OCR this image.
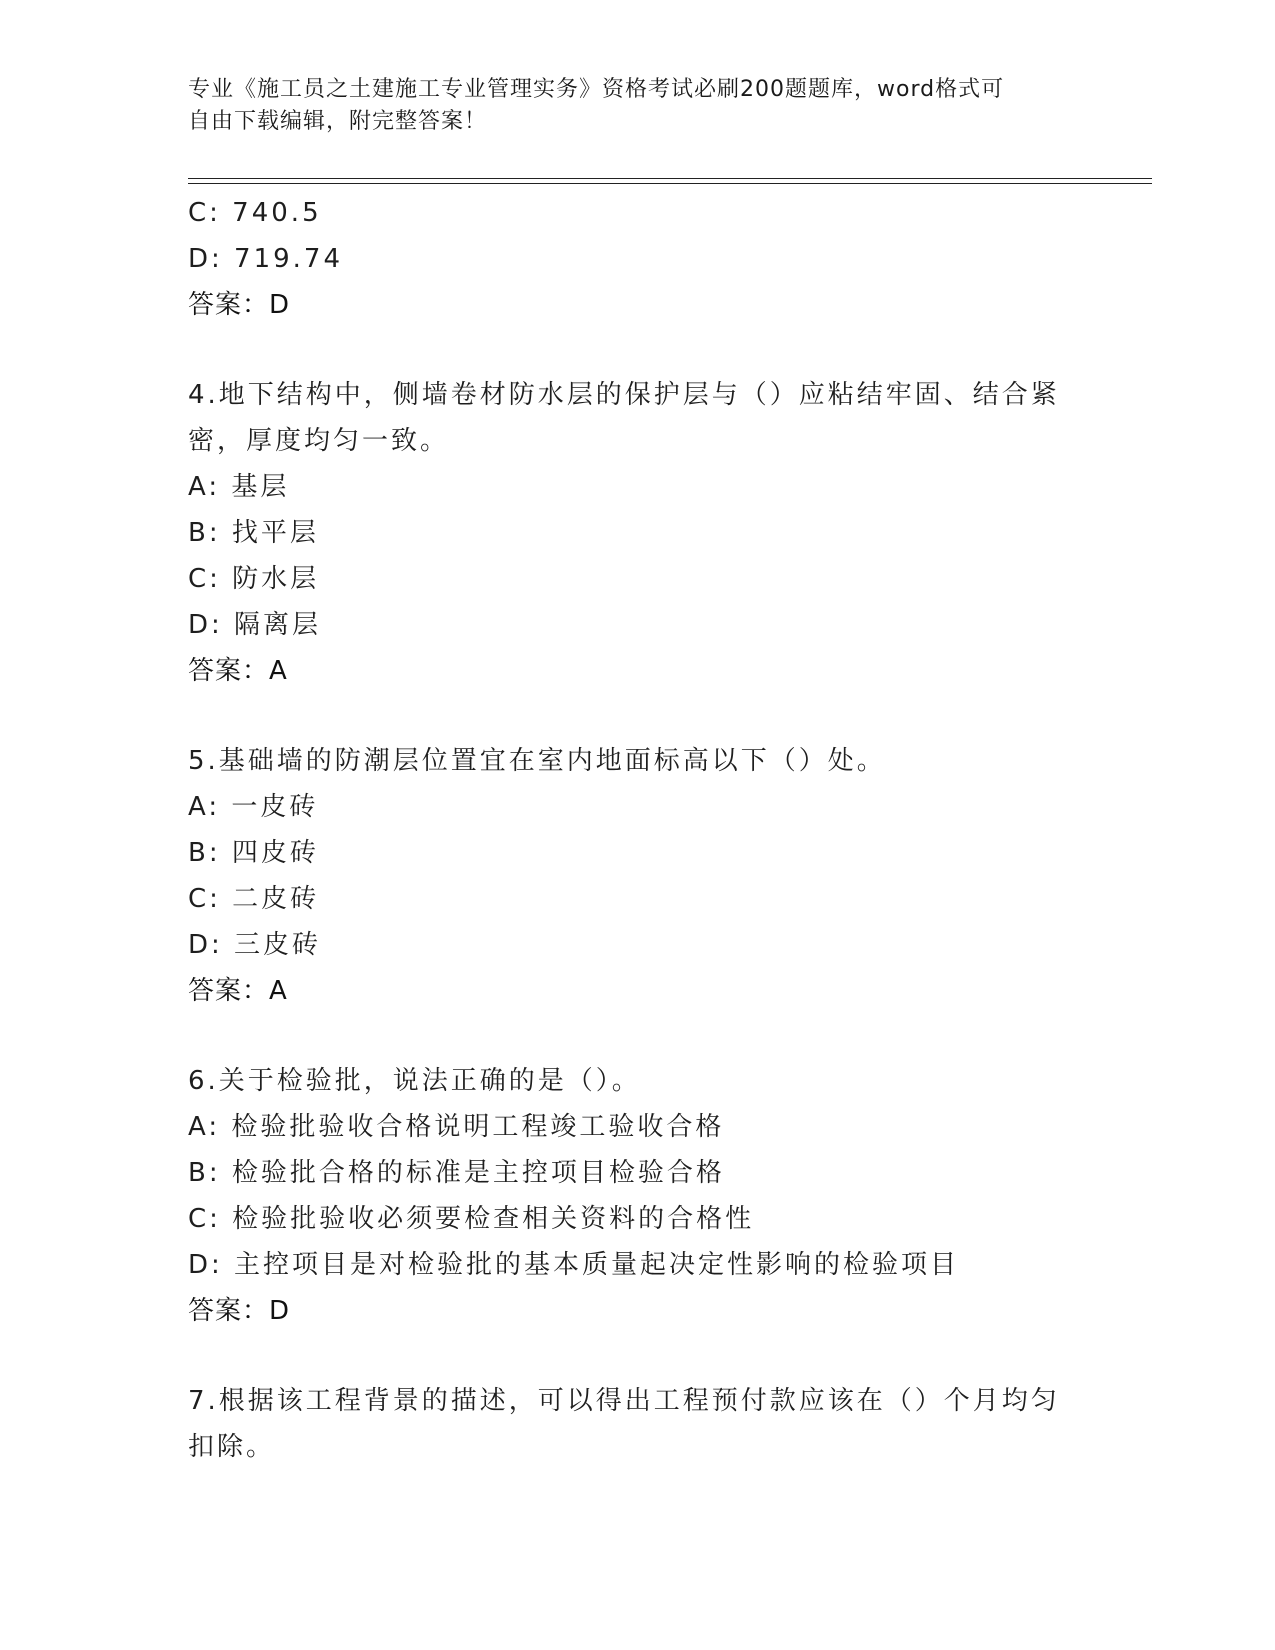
专业《施工员之土建施工专业管理实务》资格考试必刷200题题库，word格式可
自由下载编辑，附完整答案！
C: 740.5
D: 719.74
答案：D
4.地下结构中，侧墙卷材防水层的保护层与（）应粘结牢固、结合紧
密，厚度均匀一致。
A: 基层
B: 找平层
C: 防水层
D: 隔离层
答案：A
5.基础墙的防潮层位置宜在室内地面标高以下（）处。
A: 一皮砖
B: 四皮砖
C: 二皮砖
D: 三皮砖
答案：A
6.关于检验批，说法正确的是（）。
A: 检验批验收合格说明工程竣工验收合格
B: 检验批合格的标准是主控项目检验合格
C: 检验批验收必须要检查相关资料的合格性
D: 主控项目是对检验批的基本质量起决定性影响的检验项目
答案：D
7.根据该工程背景的描述，可以得出工程预付款应该在（）个月均匀
扣除。
